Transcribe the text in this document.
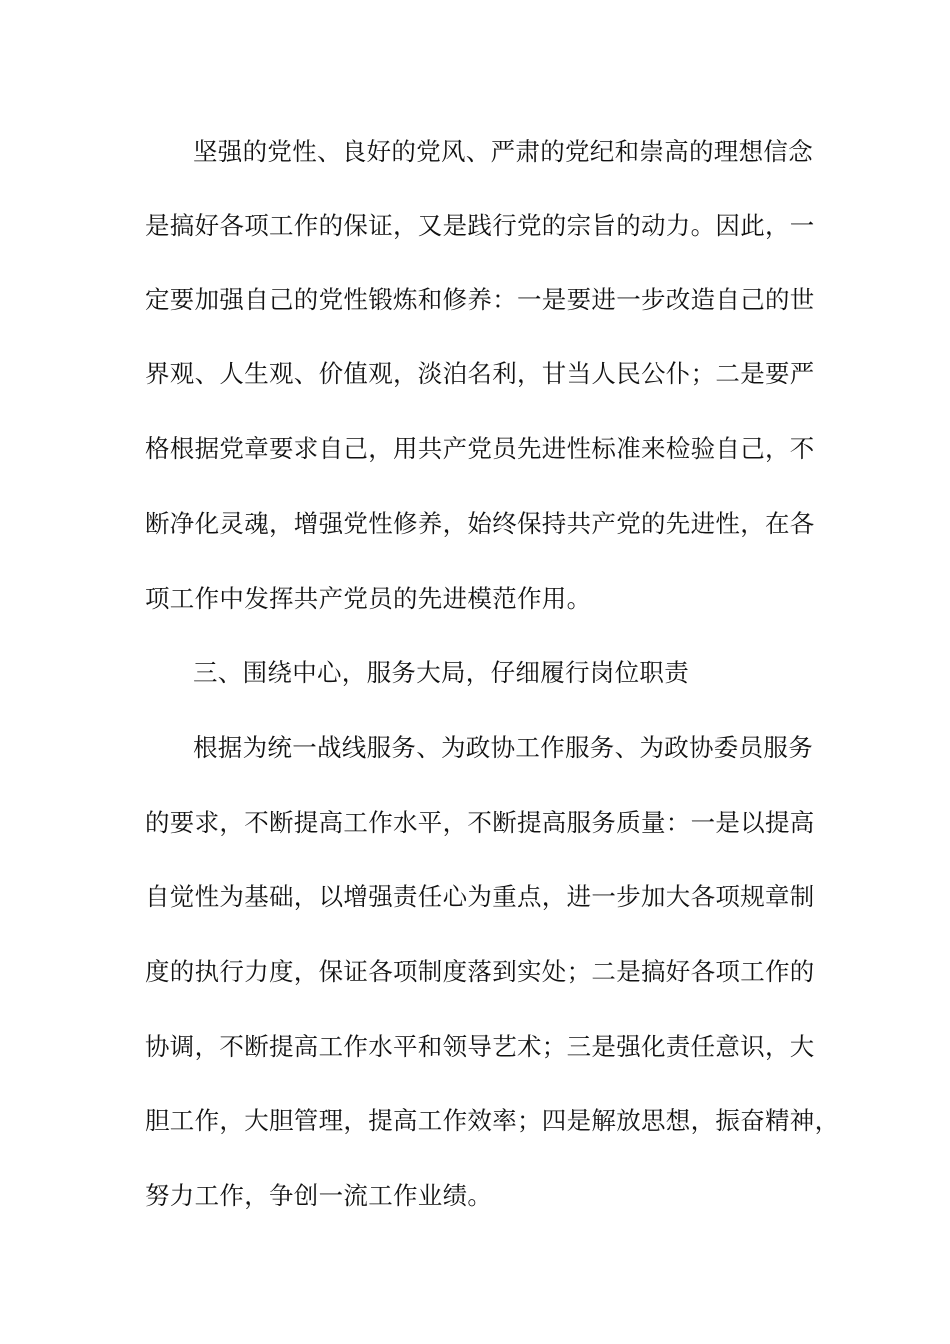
坚强的党性、良好的党风、严肃的党纪和崇高的理想信念
是搞好各项工作的保证，又是践行党的宗旨的动力。因此，一
定要加强自己的党性锻炼和修养：一是要进一步改造自己的世
界观、人生观、价值观，淡泊名利，甘当人民公仆；二是要严
格根据党章要求自己，用共产党员先进性标准来检验自己，不
断净化灵魂，增强党性修养，始终保持共产党的先进性，在各
项工作中发挥共产党员的先进模范作用。
三、围绕中心，服务大局，仔细履行岗位职责
根据为统一战线服务、为政协工作服务、为政协委员服务
的要求，不断提高工作水平，不断提高服务质量：一是以提高
自觉性为基础，以增强责任心为重点，进一步加大各项规章制
度的执行力度，保证各项制度落到实处；二是搞好各项工作的
协调，不断提高工作水平和领导艺术；三是强化责任意识，大
胆工作，大胆管理，提高工作效率；四是解放思想，振奋精神，
努力工作，争创一流工作业绩。
